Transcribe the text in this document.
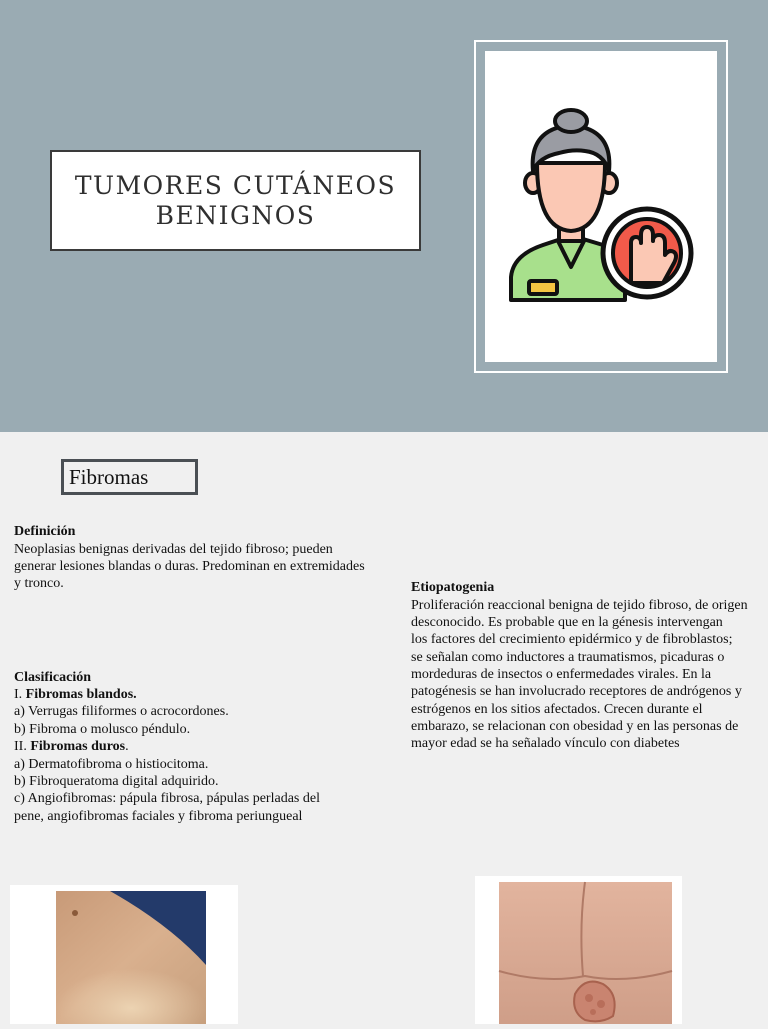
TUMORES CUTÁNEOS
BENIGNOS
Fibromas
Definición
Neoplasias benignas derivadas del tejido fibroso; pueden
generar lesiones blandas o duras. Predominan en extremidades
y tronco.
Clasificación
I. Fibromas blandos.
a) Verrugas filiformes o acrocordones.
b) Fibroma o molusco péndulo.
II. Fibromas duros.
a) Dermatofibroma o histiocitoma.
b) Fibroqueratoma digital adquirido.
c) Angiofibromas: pápula fibrosa, pápulas perladas del
pene, angiofibromas faciales y fibroma periungueal
Etiopatogenia
Proliferación reaccional benigna de tejido fibroso, de origen
desconocido. Es probable que en la génesis intervengan
los factores del crecimiento epidérmico y de fibroblastos;
se señalan como inductores a traumatismos, picaduras o
mordeduras de insectos o enfermedades virales. En la
patogénesis se han involucrado receptores de andrógenos y
estrógenos en los sitios afectados. Crecen durante el
embarazo, se relacionan con obesidad y en las personas de
mayor edad se ha señalado vínculo con diabetes
